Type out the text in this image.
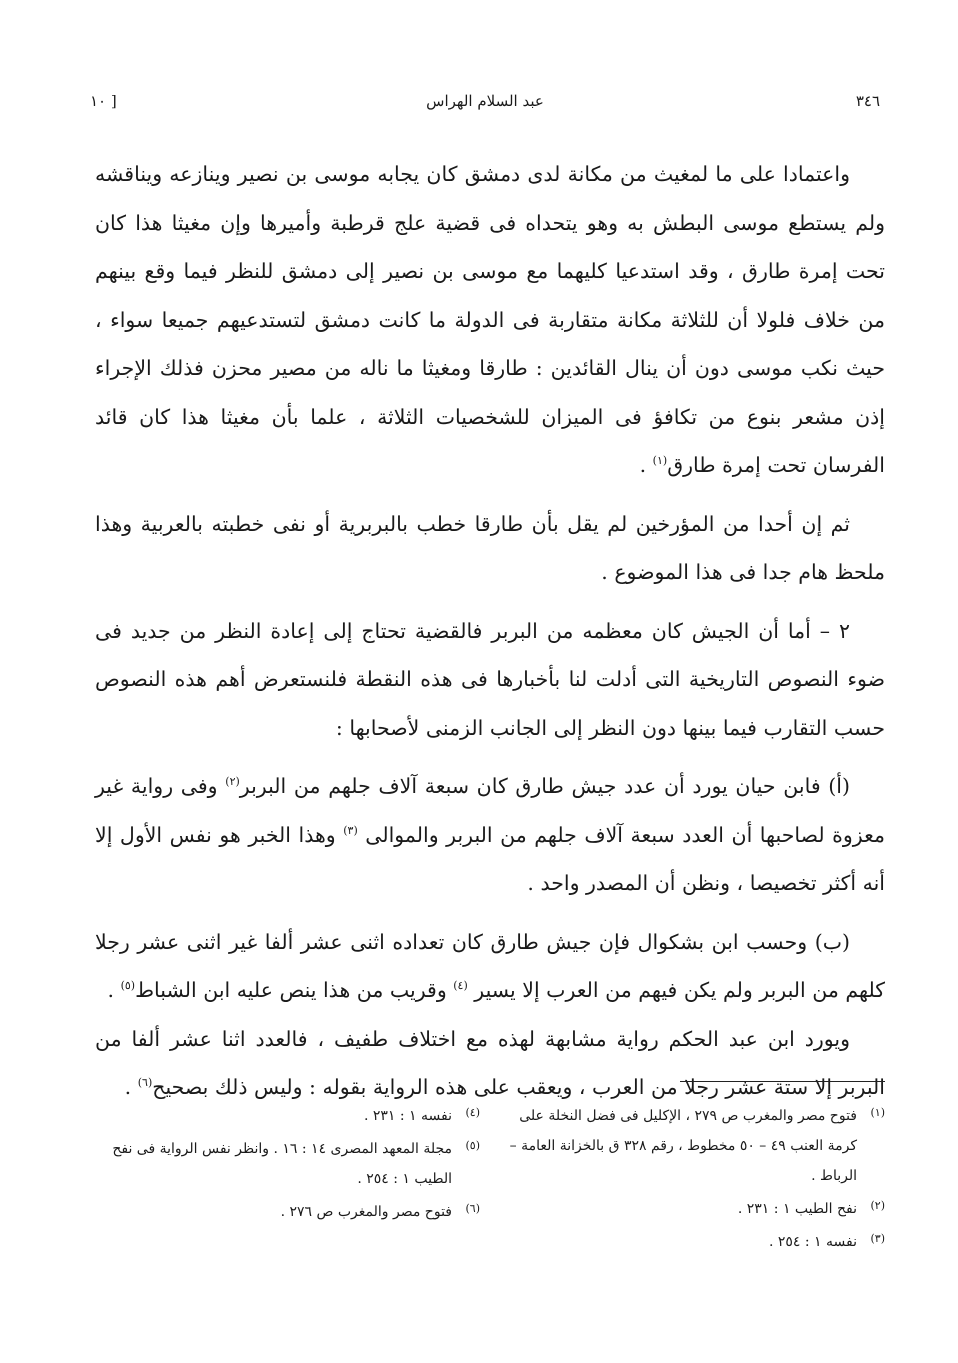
٣٤٦
عبد السلام الهراس
[ ١٠

واعتمادا على ما لمغيث من مكانة لدى دمشق كان يجابه موسى بن نصير وينازعه ويناقشه ولم يستطع موسى البطش به وهو يتحداه فى قضية علج قرطبة وأميرها وإن مغيثا هذا كان تحت إمرة طارق ، وقد استدعيا كليهما مع موسى بن نصير إلى دمشق للنظر فيما وقع بينهم من خلاف فلولا أن للثلاثة مكانة متقاربة فى الدولة ما كانت دمشق لتستدعيهم جميعا سواء ، حيث نكب موسى دون أن ينال القائدين : طارقا ومغيثا ما ناله من مصير محزن فذلك الإجراء إذن مشعر بنوع من تكافؤ فى الميزان للشخصيات الثلاثة ، علما بأن مغيثا هذا كان قائد الفرسان تحت إمرة طارق$^{(١)}$ .

ثم إن أحدا من المؤرخين لم يقل بأن طارقا خطب بالبربرية أو نفى خطبته بالعربية وهذا ملحظ هام جدا فى هذا الموضوع .

٢ – أما أن الجيش كان معظمه من البربر فالقضية تحتاج إلى إعادة النظر من جديد فى ضوء النصوص التاريخية التى أدلت لنا بأخبارها فى هذه النقطة فلنستعرض أهم هذه النصوص حسب التقارب فيما بينها دون النظر إلى الجانب الزمنى لأصحابها :

(أ) فابن حيان يورد أن عدد جيش طارق كان سبعة آلاف جلهم من البربر$^{(٢)}$ وفى رواية غير معزوة لصاحبها أن العدد سبعة آلاف جلهم من البربر والموالى $^{(٣)}$ وهذا الخبر هو نفس الأول إلا أنه أكثر تخصيصا ، ونظن أن المصدر واحد .

(ب) وحسب ابن بشكوال فإن جيش طارق كان تعداده اثنى عشر ألفا غير اثنى عشر رجلا كلهم من البربر ولم يكن فيهم من العرب إلا يسير $^{(٤)}$ وقريب من هذا ينص عليه ابن الشباط$^{(٥)}$ .

ويورد ابن عبد الحكم رواية مشابهة لهذه مع اختلاف طفيف ، فالعدد اثنا عشر ألفا من البربر إلا ستة عشر رجلا من العرب ، ويعقب على هذه الرواية بقوله : وليس ذلك بصحيح$^{(٦)}$ .

(١)فتوح مصر والمغرب ص ٢٧٩ ، الإكليل فى فضل النخلة على كرمة العنب ٤٩ – ٥٠ مخطوط ، رقم ٣٢٨ ق بالخزانة العامة – الرباط .

(٢)نفح الطيب ١ : ٢٣١ .

(٣)نفسه ١ : ٢٥٤ .

(٤)نفسه ١ : ٢٣١ .

(٥)مجلة المعهد المصرى ١٤ : ١٦ . وانظر نفس الرواية فى نفح الطيب ١ : ٢٥٤ .

(٦)فتوح مصر والمغرب ص ٢٧٦ .
